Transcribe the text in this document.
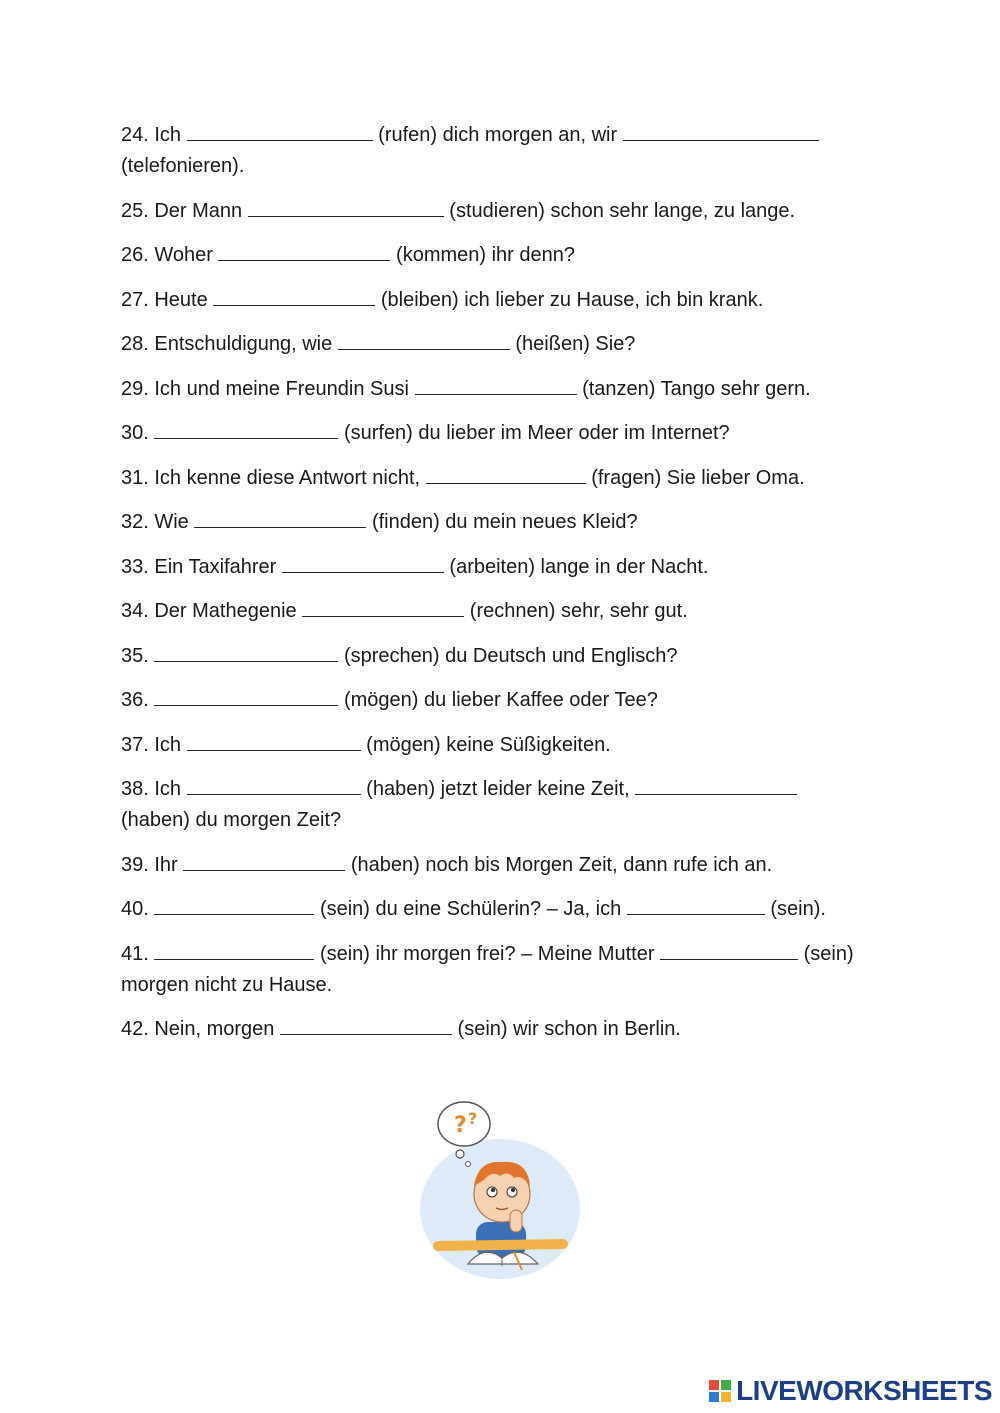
24. Ich	(rufen) dich morgen an, wir  (telefonieren).

25. Der Mann	(studieren) schon sehr lange, zu lange.

26. Woher	(kommen) ihr denn?

27. Heute	(bleiben) ich lieber zu Hause, ich bin krank.

28. Entschuldigung, wie	(heißen) Sie?

29. Ich und meine Freundin Susi	(tanzen) Tango sehr gern.

30.	(surfen) du lieber im Meer oder im Internet?

31. Ich kenne diese Antwort nicht,	(fragen) Sie lieber Oma.

32. Wie	(finden) du mein neues Kleid?

33. Ein Taxifahrer	(arbeiten) lange in der Nacht.

34. Der Mathegenie	(rechnen) sehr, sehr gut.

35.	(sprechen) du Deutsch und Englisch?

36.	(mögen) du lieber Kaffee oder Tee?

37. Ich	(mögen) keine Süßigkeiten.

38. Ich	(haben) jetzt leider keine Zeit,  (haben) du morgen Zeit?

39. Ihr	(haben) noch bis Morgen Zeit, dann rufe ich an.

40.	(sein) du eine Schülerin? – Ja, ich	(sein).

41.	(sein) ihr morgen frei? – Meine Mutter	(sein) morgen nicht zu Hause.

42. Nein, morgen	(sein) wir schon in Berlin.

? ?
LIVEWORKSHEETS
